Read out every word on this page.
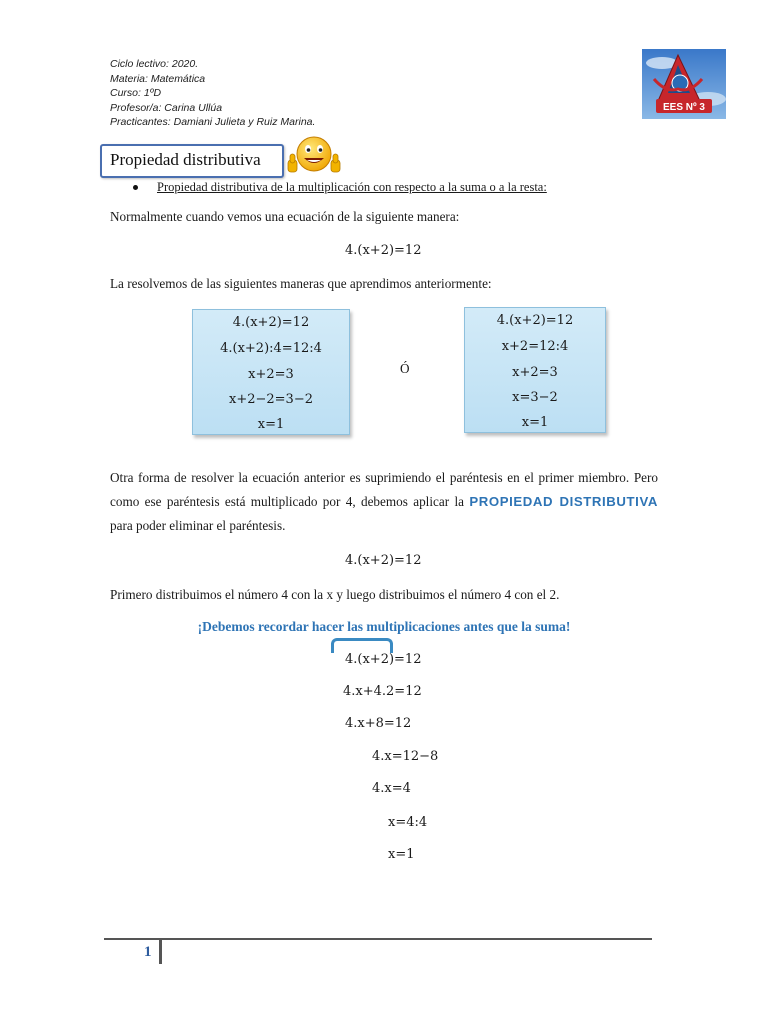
Ciclo lectivo: 2020.
Materia: Matemática
Curso: 1ºD
Profesor/a: Carina Ullúa
Practicantes: Damiani Julieta y Ruiz Marina.
EES Nº 3
Propiedad distributiva
Propiedad distributiva de la multiplicación con respecto a la suma o a la resta:
Normalmente cuando vemos una ecuación de la siguiente manera:
4.(x+2)=12
La resolvemos de las siguientes maneras que aprendimos anteriormente:
4.(x+2)=12
4.(x+2):4=12:4
x+2=3
x+2−2=3−2
x=1
Ó
4.(x+2)=12
x+2=12:4
x+2=3
x=3−2
x=1
Otra forma de resolver la ecuación anterior es suprimiendo el paréntesis en el primer miembro. Pero como ese paréntesis está multiplicado por 4, debemos aplicar la PROPIEDAD DISTRIBUTIVA para poder eliminar el paréntesis.
4.(x+2)=12
Primero distribuimos el número 4 con la x y luego distribuimos el número 4 con el 2.
¡Debemos recordar hacer las multiplicaciones antes que la suma!
4.(x+2)=12
4.x+4.2=12
4.x+8=12
4.x=12−8
4.x=4
x=4:4
x=1
1
